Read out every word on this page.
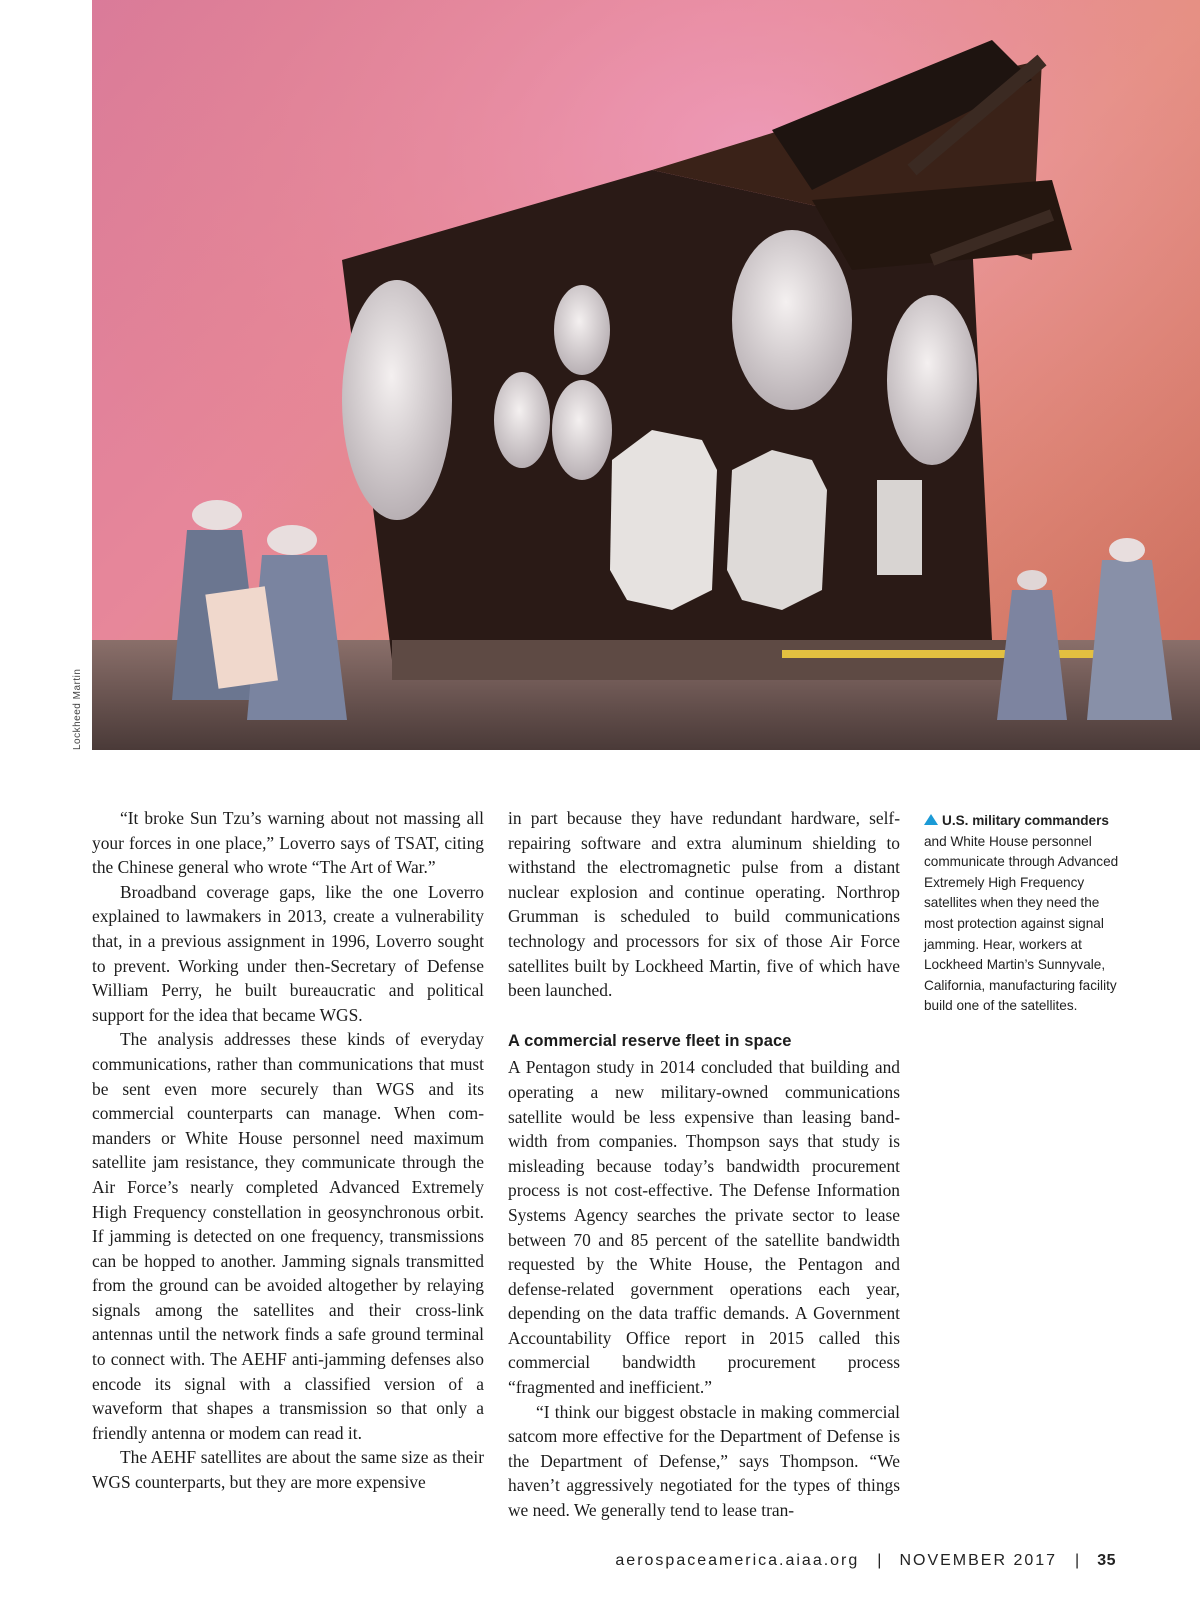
Lockheed Martin

“It broke Sun Tzu’s warning about not massing all your forces in one place,” Loverro says of TSAT, citing the Chinese general who wrote “The Art of War.”

Broadband coverage gaps, like the one Loverro explained to lawmakers in 2013, create a vulnerability that, in a previous assignment in 1996, Loverro sought to prevent. Working under then-Secretary of Defense William Perry, he built bureaucratic and political support for the idea that became WGS.

The analysis addresses these kinds of everyday communications, rather than communications that must be sent even more securely than WGS and its commercial counterparts can manage. When commanders or White House personnel need maximum satellite jam resistance, they communicate through the Air Force’s nearly completed Advanced Extremely High Frequency constellation in geosynchronous orbit. If jamming is detected on one frequency, transmissions can be hopped to another. Jamming signals transmitted from the ground can be avoided altogether by relaying signals among the satellites and their cross-link antennas until the network finds a safe ground terminal to connect with. The AEHF anti-jamming defenses also encode its signal with a classified version of a waveform that shapes a transmission so that only a friendly antenna or modem can read it.

The AEHF satellites are about the same size as their WGS counterparts, but they are more expensive

in part because they have redundant hardware, self-repairing software and extra aluminum shielding to withstand the electromagnetic pulse from a distant nuclear explosion and continue operating. Northrop Grumman is scheduled to build communications technology and processors for six of those Air Force satellites built by Lockheed Martin, five of which have been launched.

A commercial reserve fleet in space

A Pentagon study in 2014 concluded that building and operating a new military-owned communications satellite would be less expensive than leasing bandwidth from companies. Thompson says that study is misleading because today’s bandwidth procurement process is not cost-effective. The Defense Information Systems Agency searches the private sector to lease between 70 and 85 percent of the satellite bandwidth requested by the White House, the Pentagon and defense-related government operations each year, depending on the data traffic demands. A Government Accountability Office report in 2015 called this commercial bandwidth procurement process “fragmented and inefficient.”

“I think our biggest obstacle in making commercial satcom more effective for the Department of Defense is the Department of Defense,” says Thompson. “We haven’t aggressively negotiated for the types of things we need. We generally tend to lease tran-

U.S. military commanders and White House personnel communicate through Advanced Extremely High Frequency satellites when they need the most protection against signal jamming. Hear, workers at Lockheed Martin’s Sunnyvale, California, manufacturing facility build one of the satellites.
aerospaceamerica.aiaa.org | NOVEMBER 2017 | 35
